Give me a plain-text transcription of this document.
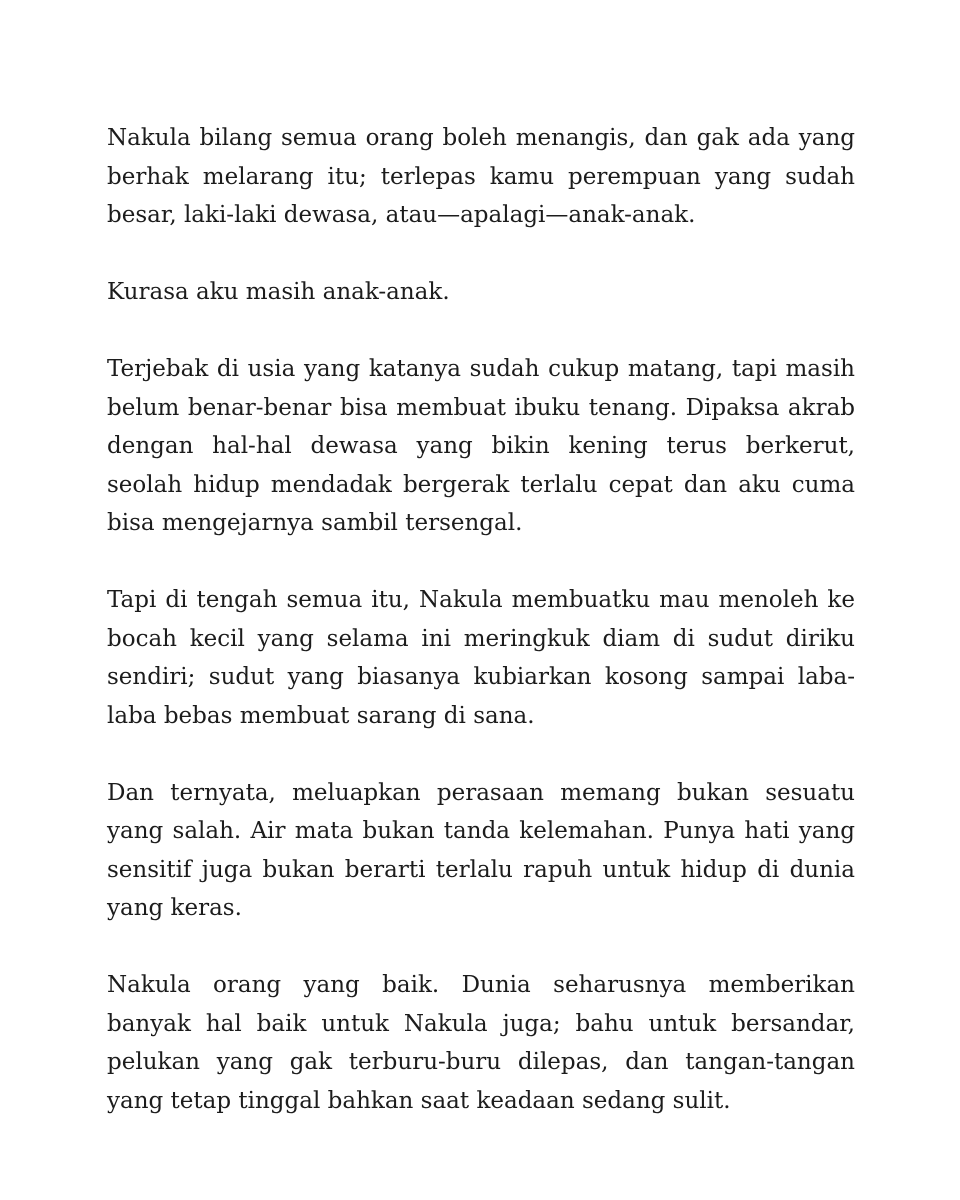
Nakula bilang semua orang boleh menangis, dan gak ada yang berhak melarang itu; terlepas kamu perempuan yang sudah besar, laki-laki dewasa, atau—apalagi—anak-anak.

Kurasa aku masih anak-anak.

Terjebak di usia yang katanya sudah cukup matang, tapi masih belum benar-benar bisa membuat ibuku tenang. Dipaksa akrab dengan hal-hal dewasa yang bikin kening terus berkerut, seolah hidup mendadak bergerak terlalu cepat dan aku cuma bisa mengejarnya sambil tersengal.

Tapi di tengah semua itu, Nakula membuatku mau menoleh ke bocah kecil yang selama ini meringkuk diam di sudut diriku sendiri; sudut yang biasanya kubiarkan kosong sampai laba-laba bebas membuat sarang di sana.

Dan ternyata, meluapkan perasaan memang bukan sesuatu yang salah. Air mata bukan tanda kelemahan. Punya hati yang sensitif juga bukan berarti terlalu rapuh untuk hidup di dunia yang keras.

Nakula orang yang baik. Dunia seharusnya memberikan banyak hal baik untuk Nakula juga; bahu untuk bersandar, pelukan yang gak terburu-buru dilepas, dan tangan-tangan yang tetap tinggal bahkan saat keadaan sedang sulit.
